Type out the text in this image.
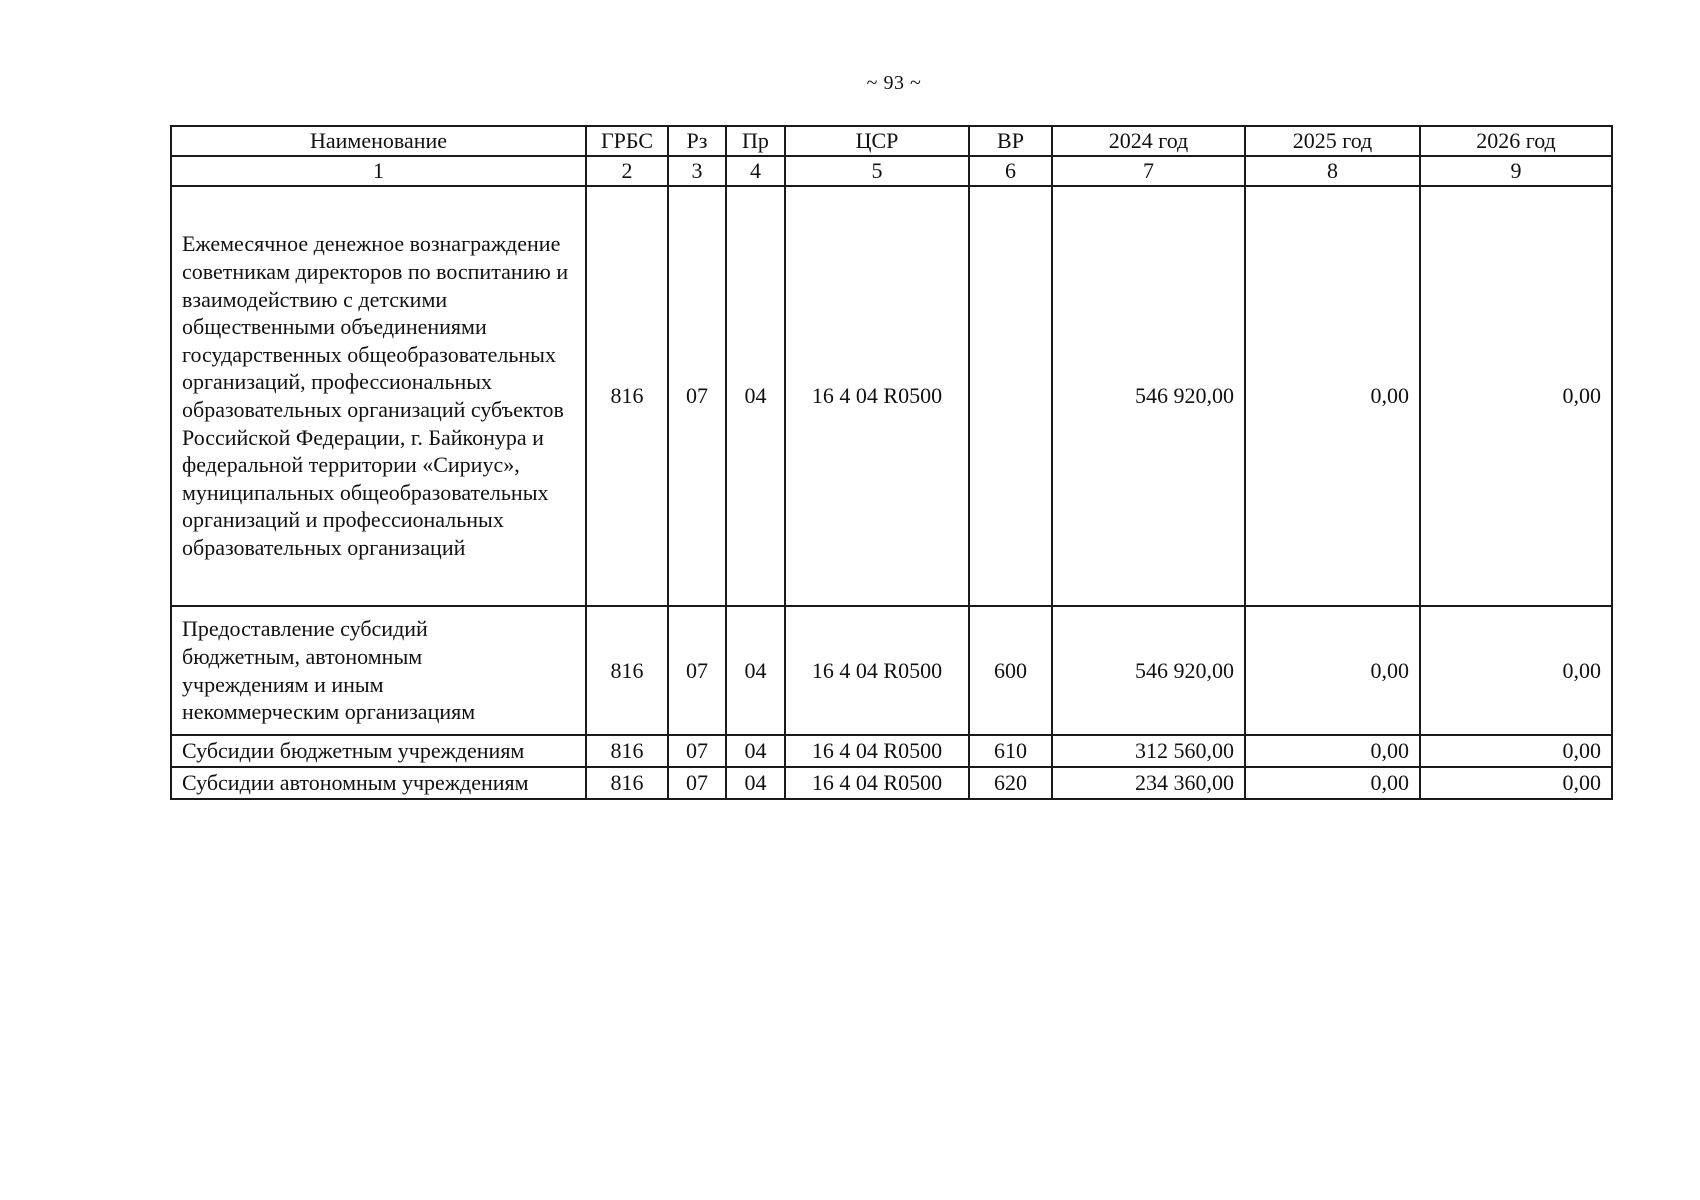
~ 93 ~
Наименование	ГРБС	Рз	Пр	ЦСР	ВР	2024 год	2025 год	2026 год
1	2	3	4	5	6	7	8	9
Ежемесячное денежное вознаграждение советникам директоров по воспитанию и взаимодействию с детскими общественными объединениями государственных общеобразовательных организаций, профессиональных образовательных организаций субъектов Российской Федерации, г. Байконура и федеральной территории «Сириус», муниципальных общеобразовательных организаций и профессиональных образовательных организаций	816	07	04	16 4 04 R0500		546 920,00	0,00	0,00
Предоставление субсидий бюджетным, автономным учреждениям и иным некоммерческим организациям	816	07	04	16 4 04 R0500	600	546 920,00	0,00	0,00
Субсидии бюджетным учреждениям	816	07	04	16 4 04 R0500	610	312 560,00	0,00	0,00
Субсидии автономным учреждениям	816	07	04	16 4 04 R0500	620	234 360,00	0,00	0,00
